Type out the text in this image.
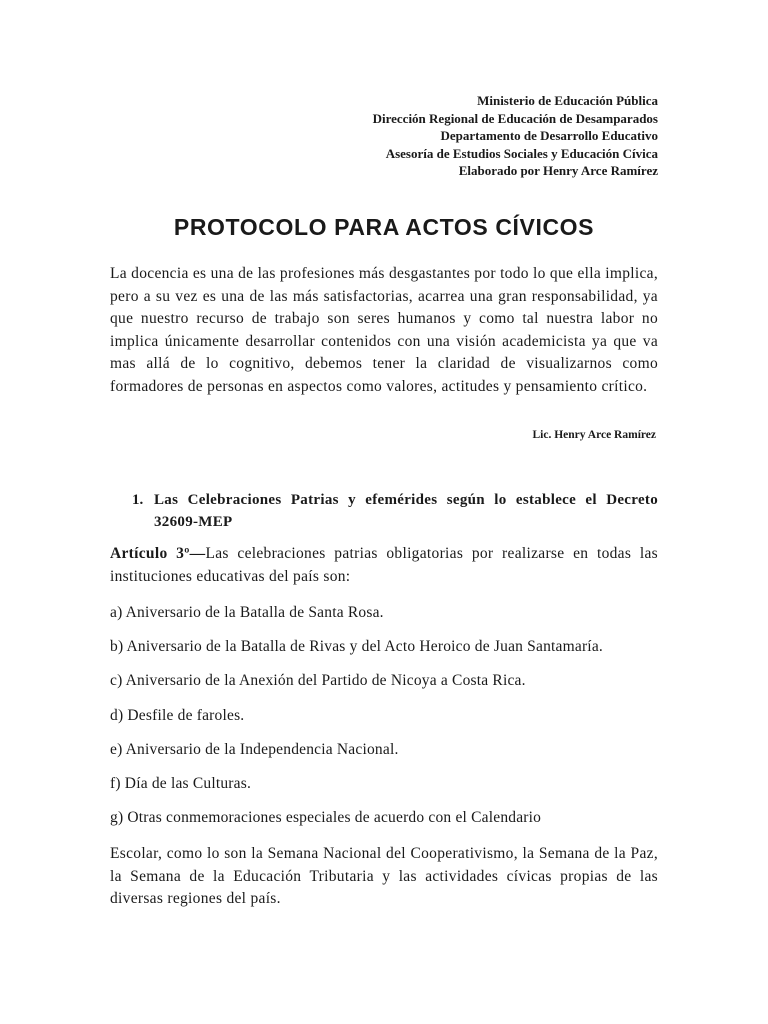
Ministerio de Educación Pública
Dirección Regional de Educación de Desamparados
Departamento de Desarrollo Educativo
Asesoría de Estudios Sociales y Educación Cívica
Elaborado por Henry Arce Ramírez
PROTOCOLO PARA ACTOS CÍVICOS

La docencia es una de las profesiones más desgastantes por todo lo que ella implica, pero a su vez es una de las más satisfactorias, acarrea una gran responsabilidad, ya que nuestro recurso de trabajo son seres humanos y como tal nuestra labor no implica únicamente desarrollar contenidos con una visión academicista ya que va mas allá de lo cognitivo, debemos tener la claridad de visualizarnos como formadores de personas en aspectos como valores, actitudes y pensamiento crítico.

Lic. Henry Arce Ramírez

1. Las Celebraciones Patrias y efemérides según lo establece el Decreto 32609-MEP

Artículo 3º—Las celebraciones patrias obligatorias por realizarse en todas las instituciones educativas del país son:

a) Aniversario de la Batalla de Santa Rosa.

b) Aniversario de la Batalla de Rivas y del Acto Heroico de Juan Santamaría.

c) Aniversario de la Anexión del Partido de Nicoya a Costa Rica.

d) Desfile de faroles.

e) Aniversario de la Independencia Nacional.

f) Día de las Culturas.

g) Otras conmemoraciones especiales de acuerdo con el Calendario

Escolar, como lo son la Semana Nacional del Cooperativismo, la Semana de la Paz, la Semana de la Educación Tributaria y las actividades cívicas propias de las diversas regiones del país.
